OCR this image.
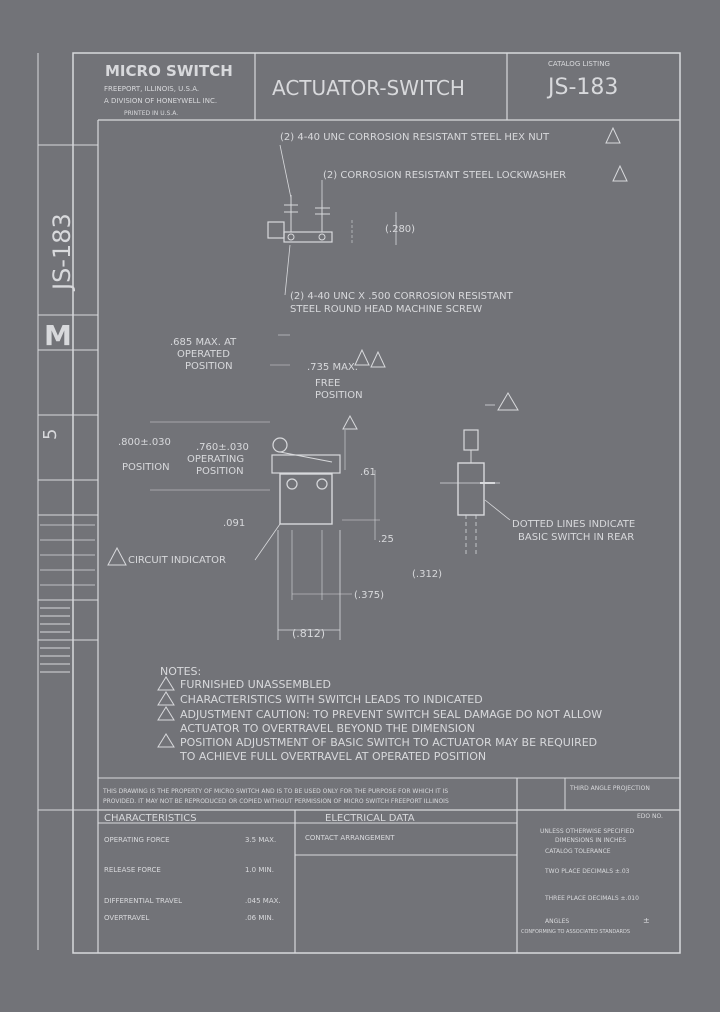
MICRO SWITCH
FREEPORT, ILLINOIS, U.S.A.
A DIVISION OF HONEYWELL INC.
PRINTED IN U.S.A.
ACTUATOR-SWITCH
CATALOG LISTING
JS-183
JS-183
M
5
(2) 4-40 UNC CORROSION RESISTANT STEEL HEX NUT
(2) CORROSION RESISTANT STEEL LOCKWASHER
(.280)
(2) 4-40 UNC X .500 CORROSION RESISTANT
STEEL ROUND HEAD MACHINE SCREW
.685 MAX. AT
OPERATED
POSITION	.735 MAX.
FREE
POSITION
.800±.030
POSITION
.760±.030
OPERATING
POSITION
CIRCUIT INDICATOR
.091
.61
.25
(.312)
(.375)
(.812)
DOTTED LINES INDICATE
BASIC SWITCH IN REAR
NOTES:
FURNISHED UNASSEMBLED
CHARACTERISTICS WITH SWITCH LEADS TO INDICATED
ADJUSTMENT CAUTION: TO PREVENT SWITCH SEAL DAMAGE DO NOT ALLOW
ACTUATOR TO OVERTRAVEL BEYOND THE DIMENSION
POSITION ADJUSTMENT OF BASIC SWITCH TO ACTUATOR MAY BE REQUIRED
TO ACHIEVE FULL OVERTRAVEL AT OPERATED POSITION
THIS DRAWING IS THE PROPERTY OF MICRO SWITCH AND IS TO BE USED ONLY FOR THE PURPOSE FOR WHICH IT IS
PROVIDED. IT MAY NOT BE REPRODUCED OR COPIED WITHOUT PERMISSION OF MICRO SWITCH FREEPORT ILLINOIS
CHARACTERISTICS	ELECTRICAL DATA
CONTACT ARRANGEMENT
OPERATING FORCE	3.5 MAX.
RELEASE FORCE	1.0 MIN.
DIFFERENTIAL TRAVEL	.045 MAX.
OVERTRAVEL	.06 MIN.
THIRD ANGLE PROJECTION
EDO NO.
UNLESS OTHERWISE SPECIFIED
DIMENSIONS IN INCHES
CATALOG TOLERANCE
TWO PLACE DECIMALS ±.03
THREE PLACE DECIMALS ±.010
ANGLES	±
CONFORMING TO ASSOCIATED STANDARDS
